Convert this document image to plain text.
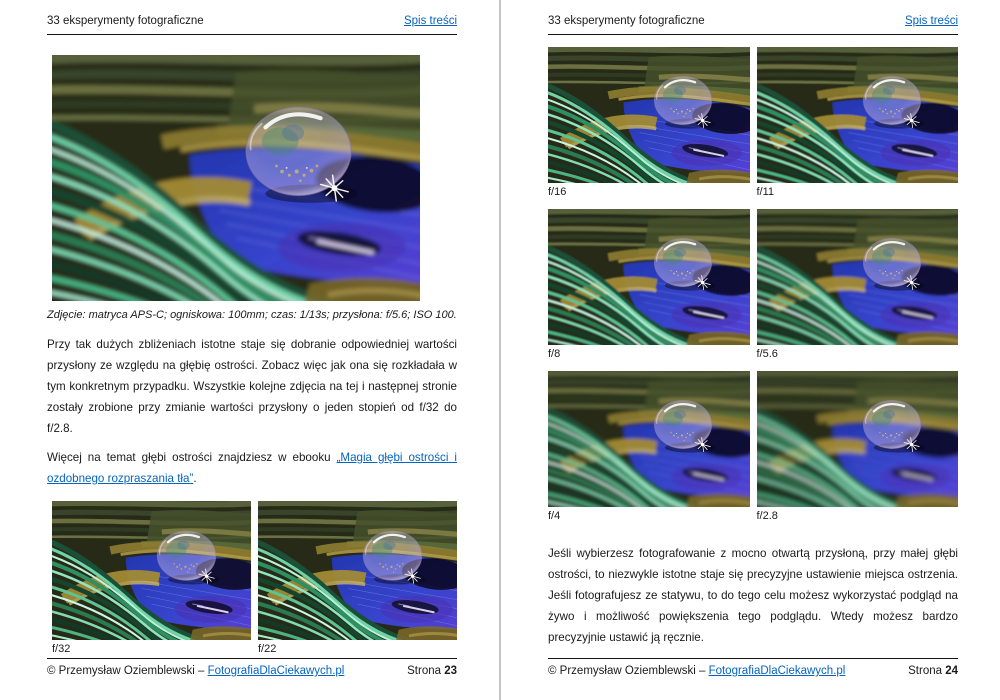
33 eksperymenty fotograficzne	Spis treści

Zdjęcie: matryca APS-C; ogniskowa: 100mm; czas: 1/13s; przysłona: f/5.6; ISO 100.

Przy tak dużych zbliżeniach istotne staje się dobranie odpowiedniej wartości przysłony ze względu na głębię ostrości. Zobacz więc jak ona się rozkładała w tym konkretnym przypadku. Wszystkie kolejne zdjęcia na tej i następnej stronie zostały zrobione przy zmianie wartości przysłony o jeden stopień od f/32 do f/2.8.

Więcej na temat głębi ostrości znajdziesz w ebooku „Magia głębi ostrości i ozdobnego rozpraszania tła”.

f/32	f/22
© Przemysław Oziemblewski – FotografiaDlaCiekawych.pl	Strona 23
33 eksperymenty fotograficzne	Spis treści
f/16	f/11
f/8	f/5.6
f/4	f/2.8

Jeśli wybierzesz fotografowanie z mocno otwartą przysłoną, przy małej głębi ostrości, to niezwykle istotne staje się precyzyjne ustawienie miejsca ostrzenia. Jeśli fotografujesz ze statywu, to do tego celu możesz wykorzystać podgląd na żywo i możliwość powiększenia tego podglądu. Wtedy możesz bardzo precyzyjnie ustawić ją ręcznie.

© Przemysław Oziemblewski – FotografiaDlaCiekawych.pl	Strona 24
